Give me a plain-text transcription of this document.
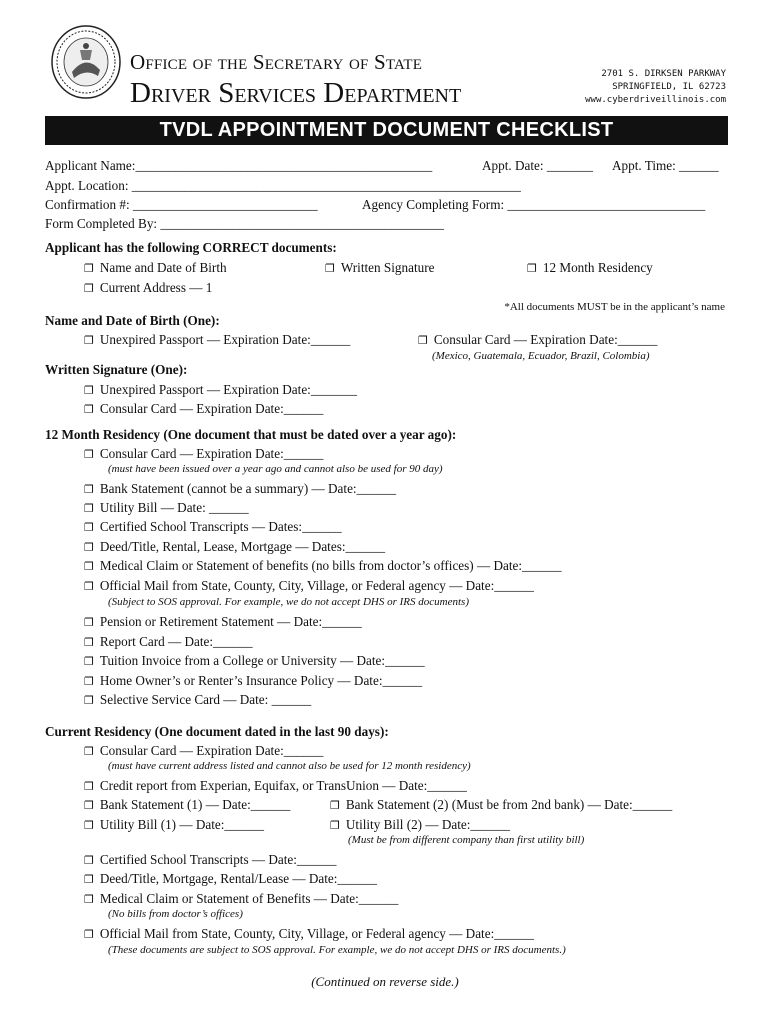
Office of the Secretary of State
Driver Services Department
2701 S. DIRKSEN PARKWAY
SPRINGFIELD, IL 62723
www.cyberdriveillinois.com
TVDL APPOINTMENT DOCUMENT CHECKLIST
Applicant Name:_____________________________________________	Appt. Date: _______ Appt. Time: ______
Appt. Location: ___________________________________________________________
Confirmation #: ____________________________	Agency Completing Form: ______________________________
Form Completed By: ___________________________________________
Applicant has the following CORRECT documents:
❐ Name and Date of Birth	❐ Written Signature	❐ 12 Month Residency
❐ Current Address — 1
*All documents MUST be in the applicant’s name
Name and Date of Birth (One):
❐ Unexpired Passport — Expiration Date:______	❐ Consular Card — Expiration Date:______
(Mexico, Guatemala, Ecuador, Brazil, Colombia)
Written Signature (One):
❐ Unexpired Passport — Expiration Date:_______
❐ Consular Card — Expiration Date:______
12 Month Residency (One document that must be dated over a year ago):
❐ Consular Card — Expiration Date:______
(must have been issued over a year ago and cannot also be used for 90 day)
❐ Bank Statement (cannot be a summary) — Date:______
❐ Utility Bill — Date: ______
❐ Certified School Transcripts — Dates:______
❐ Deed/Title, Rental, Lease, Mortgage — Dates:______
❐ Medical Claim or Statement of benefits (no bills from doctor’s offices) — Date:______
❐ Official Mail from State, County, City, Village, or Federal agency — Date:______
(Subject to SOS approval. For example, we do not accept DHS or IRS documents)
❐ Pension or Retirement Statement — Date:______
❐ Report Card — Date:______
❐ Tuition Invoice from a College or University — Date:______
❐ Home Owner’s or Renter’s Insurance Policy — Date:______
❐ Selective Service Card — Date: ______
Current Residency (One document dated in the last 90 days):
❐ Consular Card — Expiration Date:______
(must have current address listed and cannot also be used for 12 month residency)
❐ Credit report from Experian, Equifax, or TransUnion — Date:______
❐ Bank Statement (1) — Date:______	❐ Bank Statement (2) (Must be from 2nd bank) — Date:______
❐ Utility Bill (1) — Date:______	❐ Utility Bill (2) — Date:______
(Must be from different company than first utility bill)
❐ Certified School Transcripts — Date:______
❐ Deed/Title, Mortgage, Rental/Lease — Date:______
❐ Medical Claim or Statement of Benefits — Date:______
(No bills from doctor’s offices)
❐ Official Mail from State, County, City, Village, or Federal agency — Date:______
(These documents are subject to SOS approval. For example, we do not accept DHS or IRS documents.)
(Continued on reverse side.)
